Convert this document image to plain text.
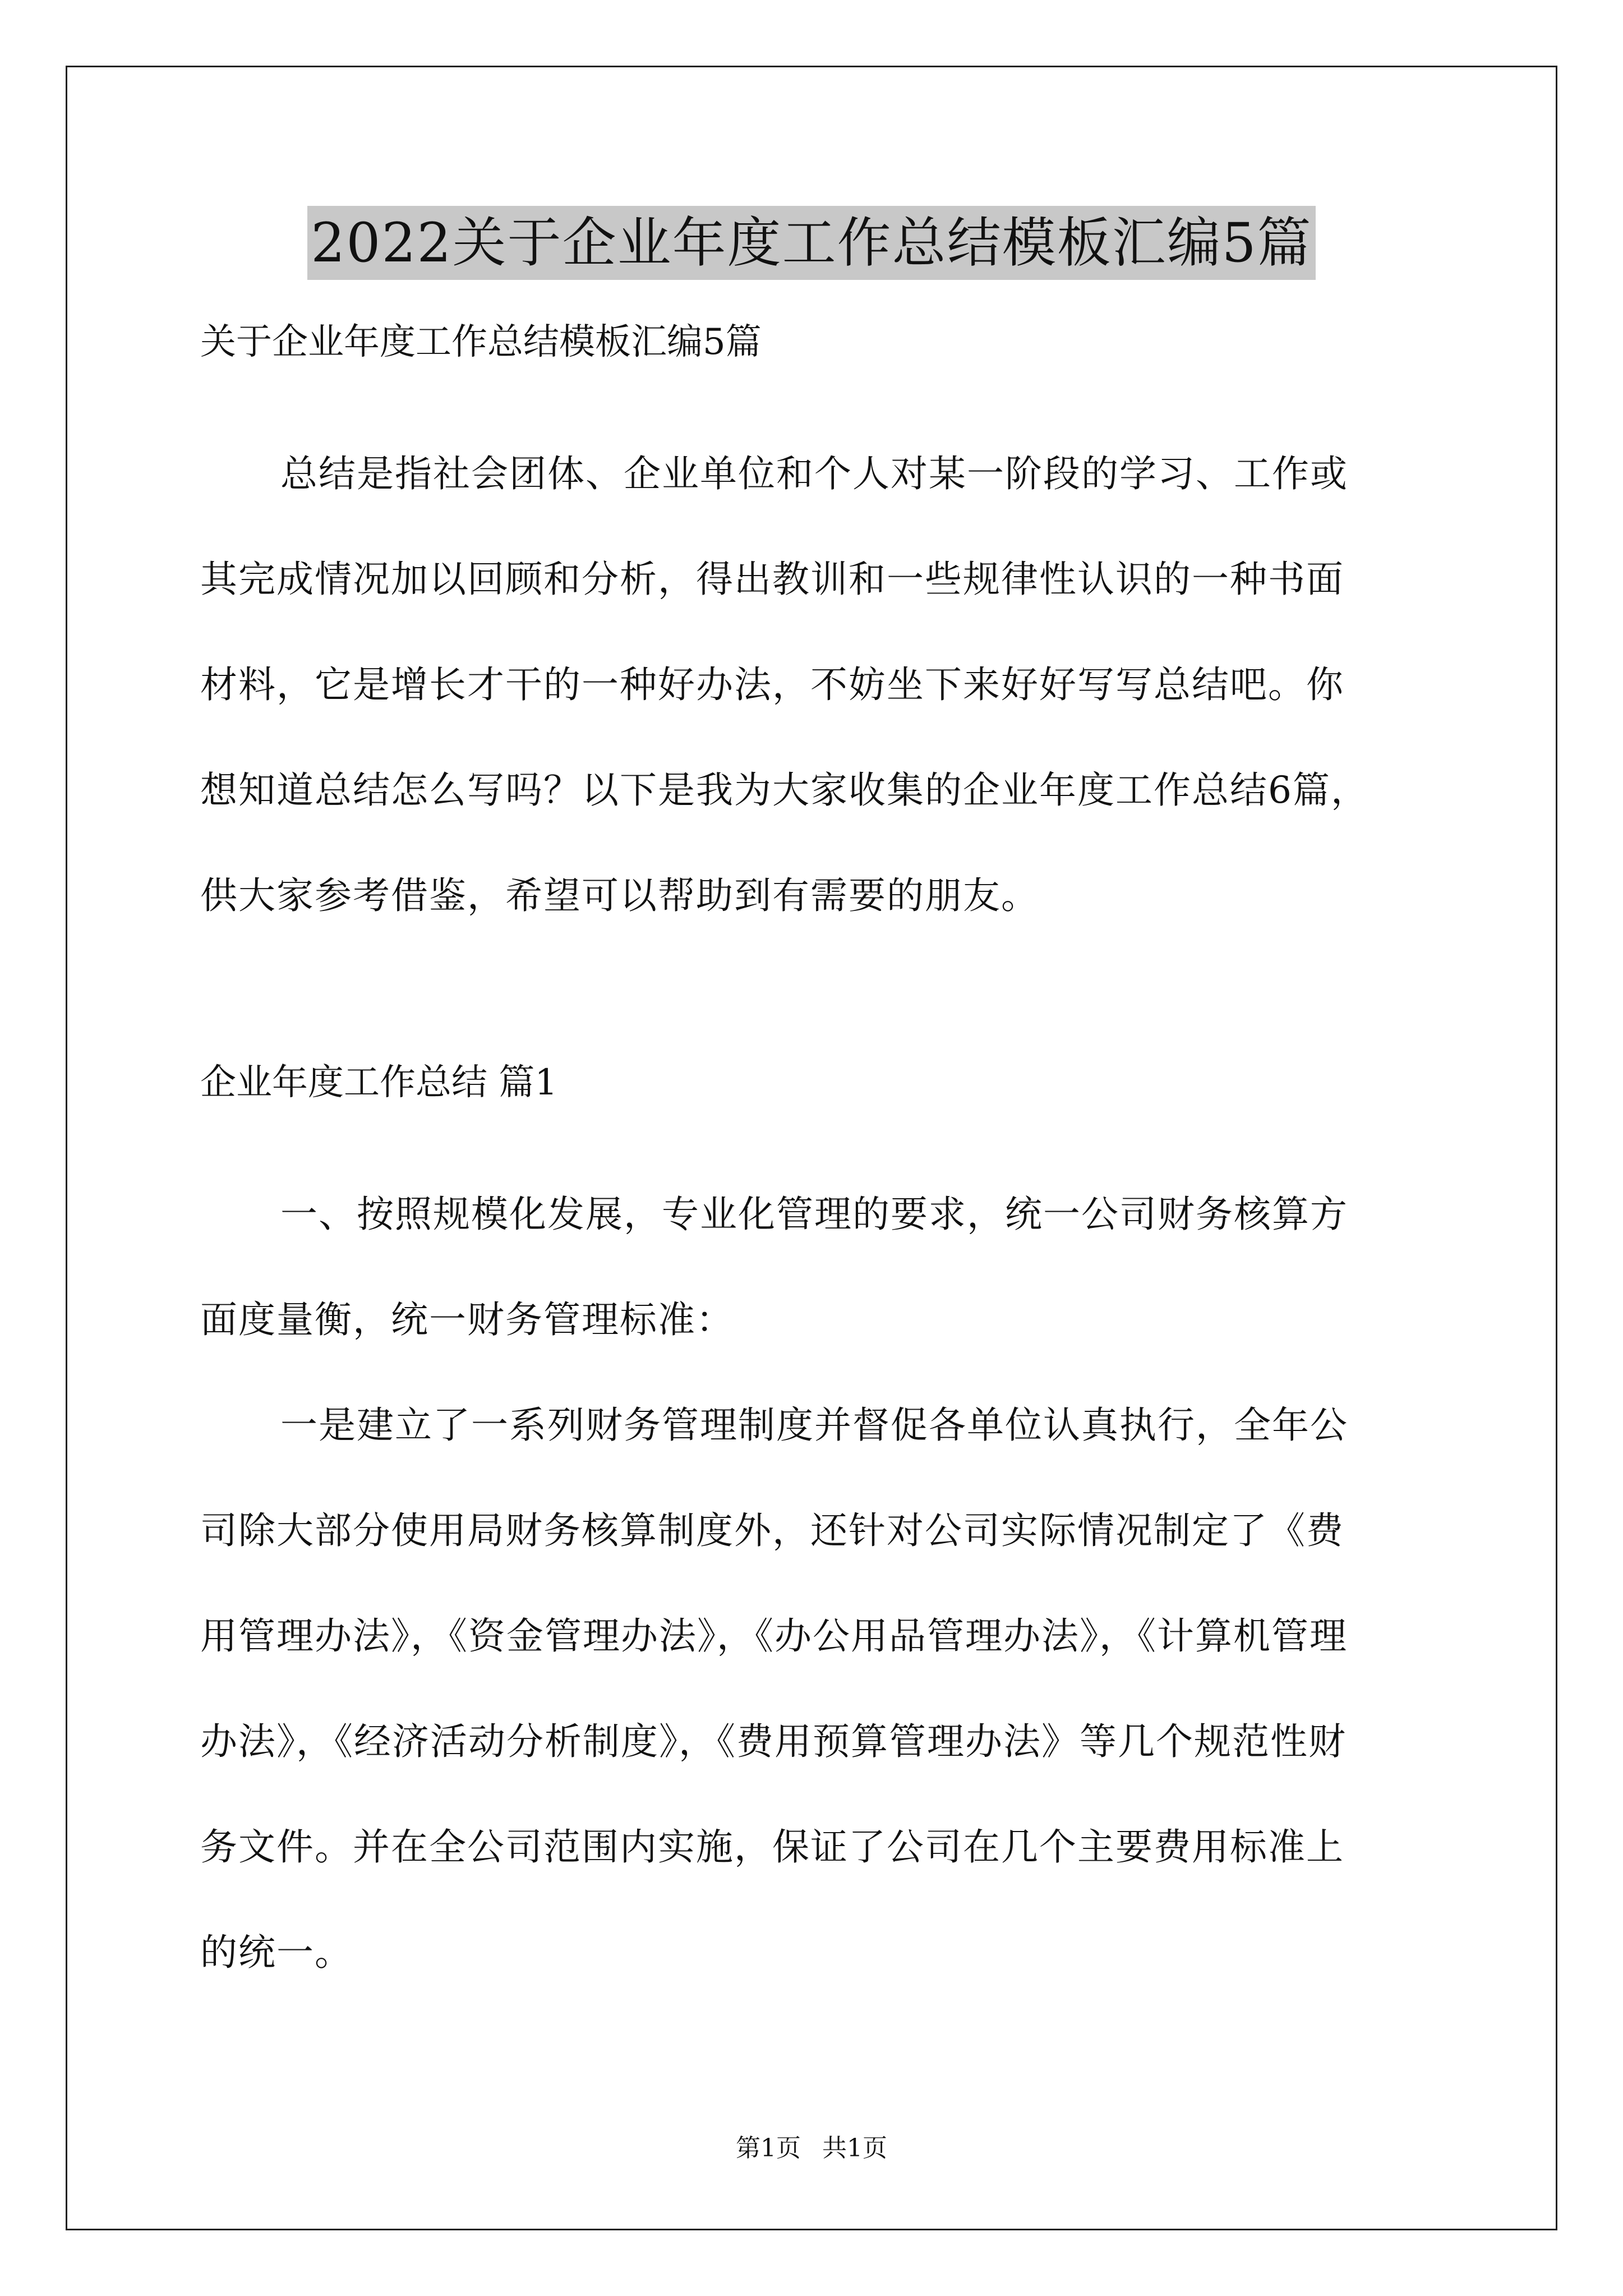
2022关于企业年度工作总结模板汇编5篇
关于企业年度工作总结模板汇编5篇
总结是指社会团体、企业单位和个人对某一阶段的学习、工作或
其完成情况加以回顾和分析，得出教训和一些规律性认识的一种书面
材料，它是增长才干的一种好办法，不妨坐下来好好写写总结吧。你
想知道总结怎么写吗？以下是我为大家收集的企业年度工作总结6篇，
供大家参考借鉴，希望可以帮助到有需要的朋友。
企业年度工作总结 篇1
一、按照规模化发展，专业化管理的要求，统一公司财务核算方
面度量衡，统一财务管理标准：
一是建立了一系列财务管理制度并督促各单位认真执行，全年公
司除大部分使用局财务核算制度外，还针对公司实际情况制定了《费
用管理办法》，《资金管理办法》，《办公用品管理办法》，《计算机管理
办法》，《经济活动分析制度》，《费用预算管理办法》等几个规范性财
务文件。并在全公司范围内实施，保证了公司在几个主要费用标准上
的统一。
第1页 共1页
